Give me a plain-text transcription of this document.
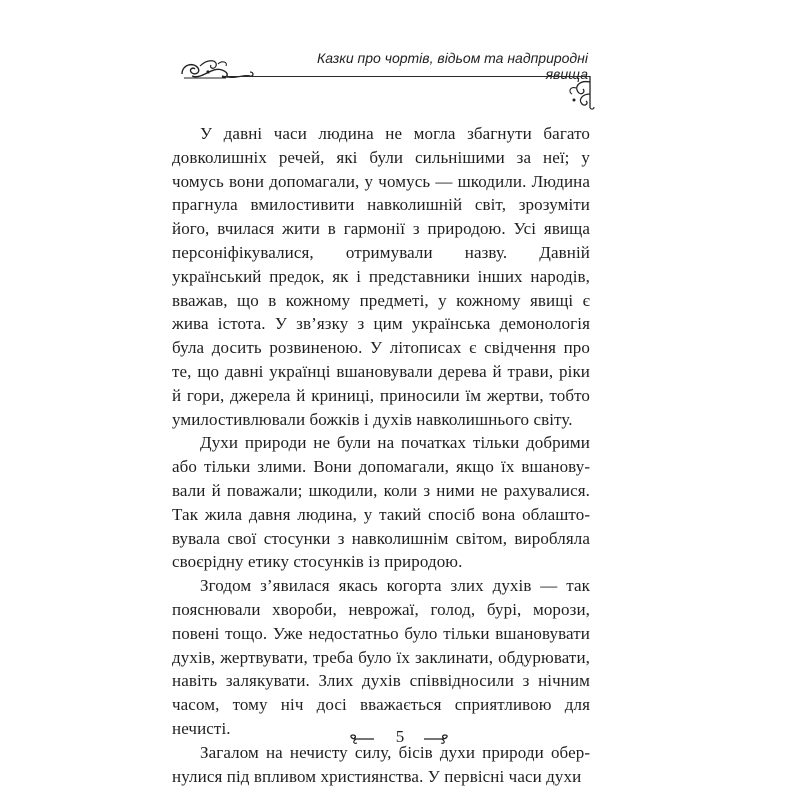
Казки про чортів, відьом та надприродні явища

У давні часи людина не могла збагнути багато довколишніх речей, які були сильнішими за неї; у чомусь вони допомагали, у чомусь — шкодили. Людина прагнула вмилостивити навколишній світ, зрозуміти його, вчилася жити в гармонії з природою. Усі явища персоніфікувалися, отримували назву. Давній український предок, як і представники інших народів, вважав, що в кожному предметі, у кожному явищі є жива істота. У зв’язку з цим українська демонологія була досить розвиненою. У літописах є свідчення про те, що давні українці вшановували дерева й трави, ріки й гори, джерела й криниці, приносили їм жертви, тобто умилостивлювали божків і духів навколишнього світу.

Духи природи не були на початках тільки добрими або тільки злими. Вони допомагали, якщо їх вшановували й поважали; шкодили, коли з ними не рахувалися. Так жила давня людина, у такий спосіб вона облаштовувала свої стосунки з навколишнім світом, виробляла своєрідну етику стосунків із природою.

Згодом з’явилася якась когорта злих духів — так пояснювали хвороби, неврожаї, голод, бурі, морози, повені тощо. Уже недостатньо було тільки вшановувати духів, жертвувати, треба було їх заклинати, обдурювати, навіть залякувати. Злих духів співвідносили з нічним часом, тому ніч досі вважається сприятливою для нечисті.

Загалом на нечисту силу, бісів духи природи обернулися під впливом християнства. У первісні часи духи

5
